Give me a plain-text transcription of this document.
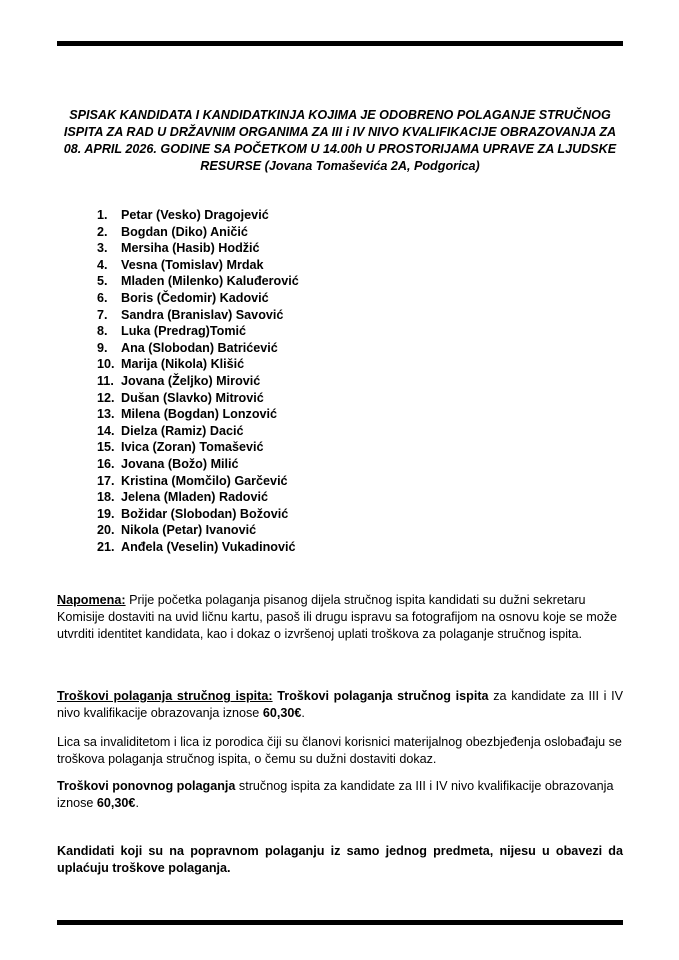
SPISAK KANDIDATA I KANDIDATKINJA KOJIMA JE ODOBRENO POLAGANJE STRUČNOG ISPITA ZA RAD U DRŽAVNIM ORGANIMA ZA III i IV NIVO KVALIFIKACIJE OBRAZOVANJA ZA 08. APRIL 2026. GODINE SA POČETKOM U 14.00h U PROSTORIJAMA UPRAVE ZA LJUDSKE RESURSE (Jovana Tomaševića 2A, Podgorica)

1.	Petar (Vesko) Dragojević
2.	Bogdan (Diko) Aničić
3.	Mersiha (Hasib) Hodžić
4.	Vesna (Tomislav) Mrdak
5.	Mladen (Milenko) Kaluđerović
6.	Boris (Čedomir) Kadović
7.	Sandra (Branislav) Savović
8.	Luka (Predrag)Tomić
9.	Ana (Slobodan) Batrićević
10. Marija (Nikola) Klišić
11. Jovana (Željko) Mirović
12. Dušan (Slavko) Mitrović
13. Milena (Bogdan) Lonzović
14. Dielza (Ramiz) Dacić
15. Ivica (Zoran) Tomašević
16. Jovana (Božo) Milić
17. Kristina (Momčilo) Garčević
18. Jelena (Mladen) Radović
19. Božidar (Slobodan) Božović
20. Nikola (Petar) Ivanović
21. Anđela (Veselin) Vukadinović

Napomena: Prije početka polaganja pisanog dijela stručnog ispita kandidati su dužni sekretaru Komisije dostaviti na uvid ličnu kartu, pasoš ili drugu ispravu sa fotografijom na osnovu koje se može utvrditi identitet kandidata, kao i dokaz o izvršenoj uplati troškova za polaganje stručnog ispita.

Troškovi polaganja stručnog ispita: Troškovi polaganja stručnog ispita za kandidate za III i IV nivo kvalifikacije obrazovanja iznose 60,30€.

Lica sa invaliditetom i lica iz porodica čiji su članovi korisnici materijalnog obezbjeđenja oslobađaju se troškova polaganja stručnog ispita, o čemu su dužni dostaviti dokaz.

Troškovi ponovnog polaganja stručnog ispita za kandidate za III i IV nivo kvalifikacije obrazovanja iznose 60,30€.

Kandidati koji su na popravnom polaganju iz samo jednog predmeta, nijesu u obavezi da uplaćuju troškove polaganja.
